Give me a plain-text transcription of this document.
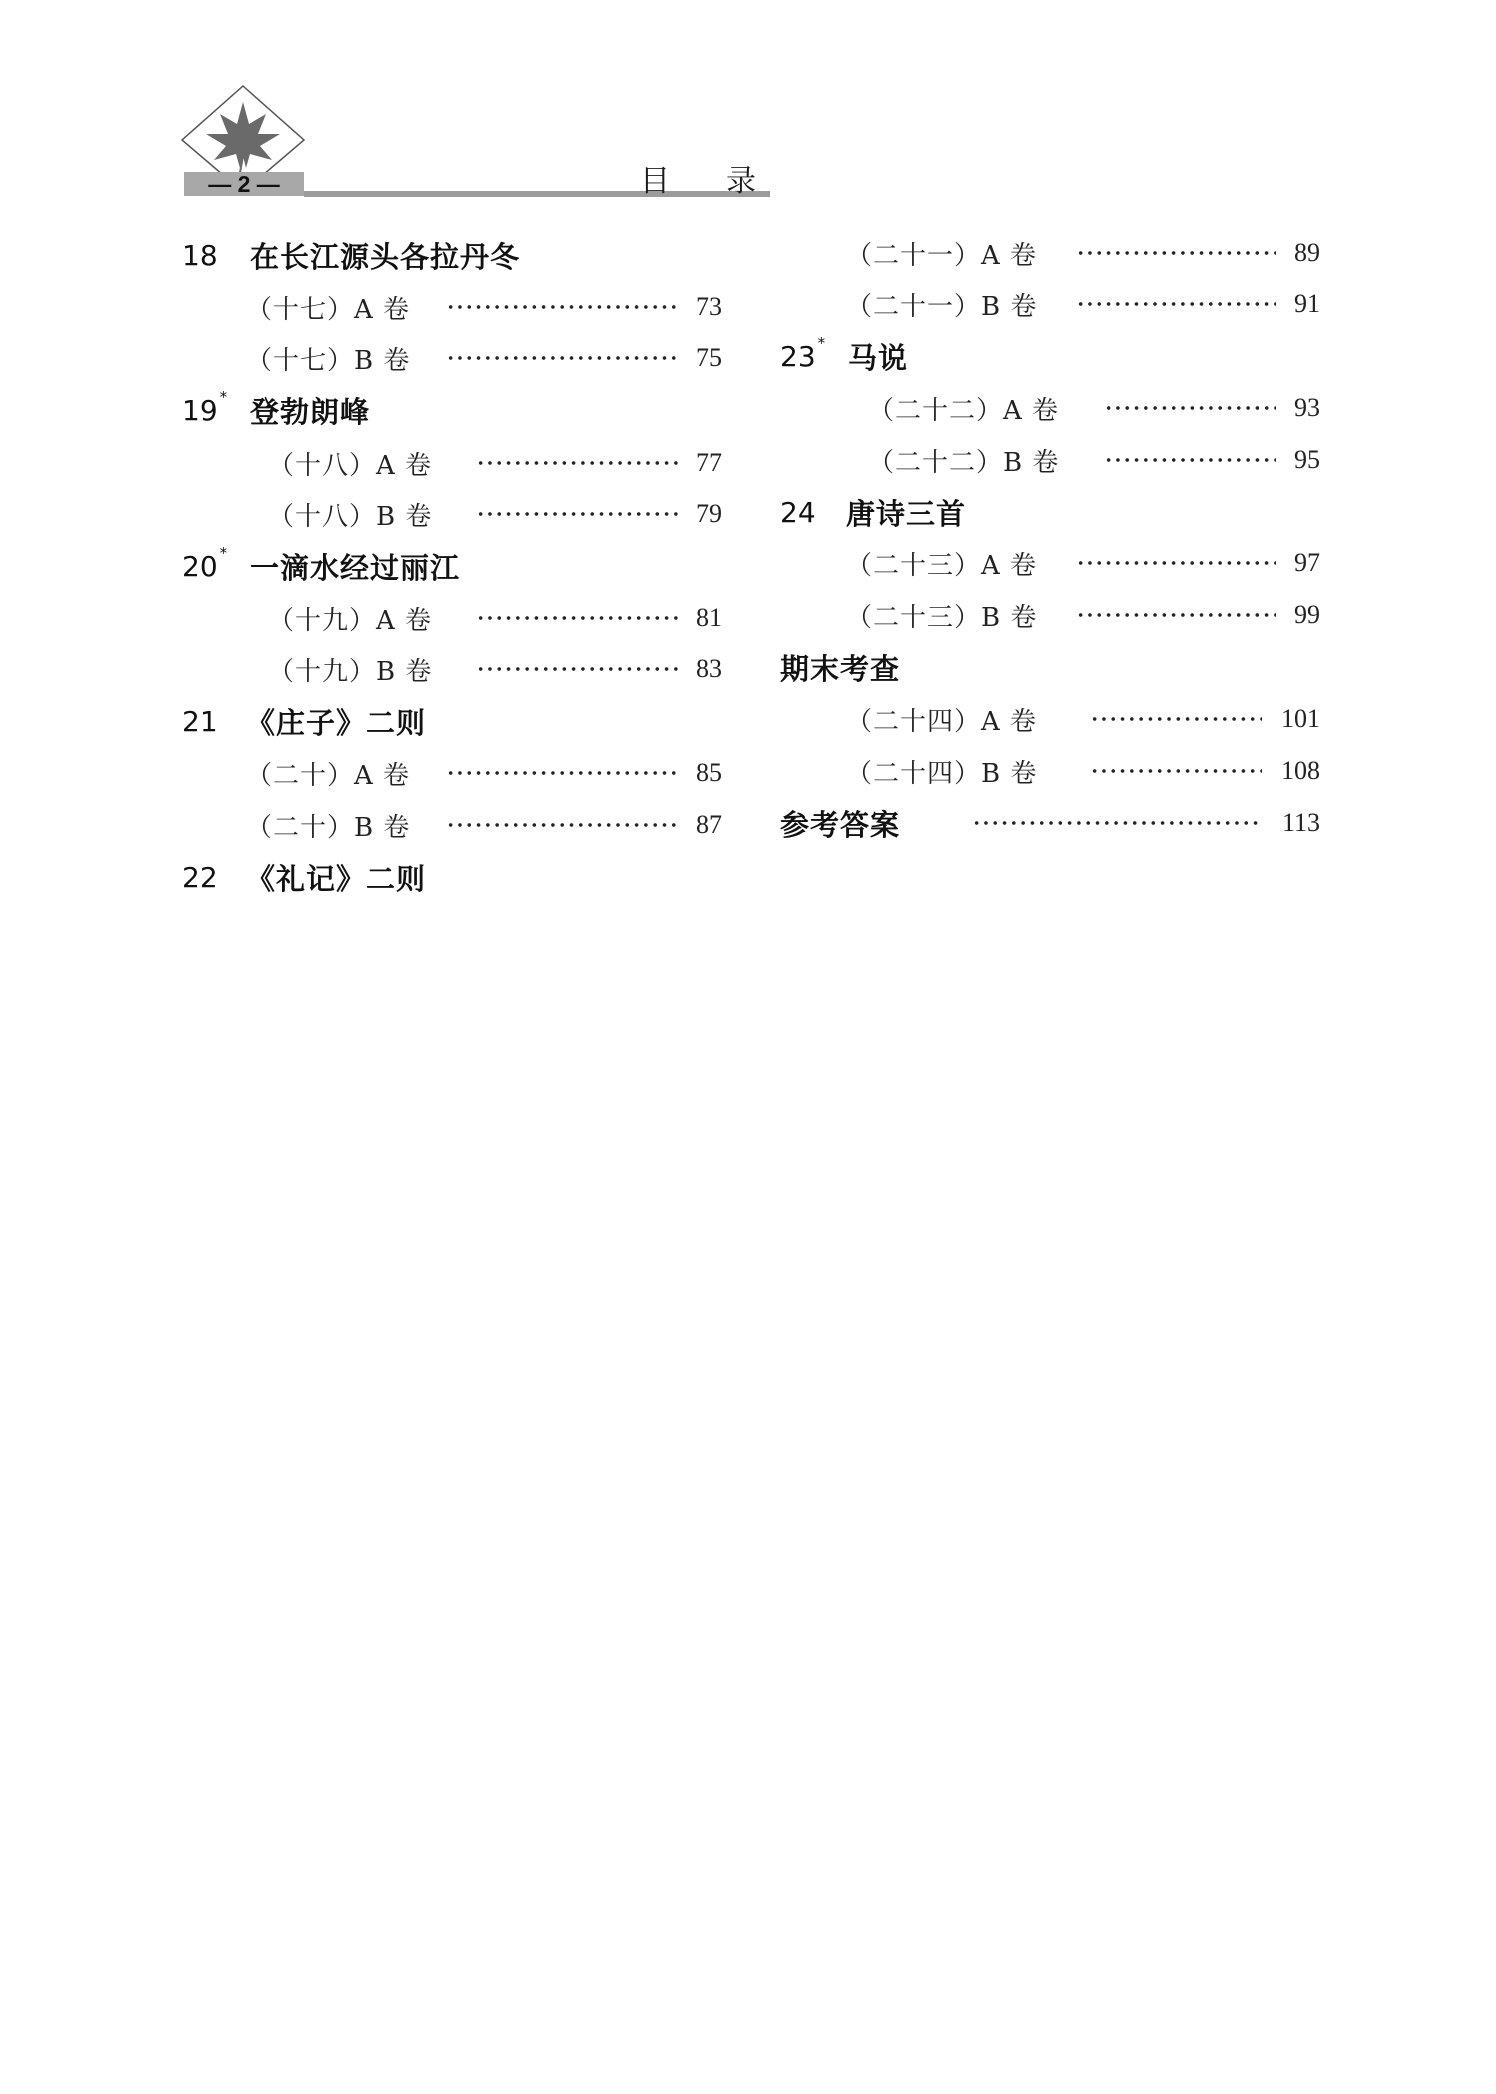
— 2 —	目录
18 在长江源头各拉丹冬
（十七）A 卷	73
（十七）B 卷	75
19 * 登勃朗峰
（十八）A 卷	77
（十八）B 卷	79
20 * 一滴水经过丽江
（十九）A 卷	81
（十九）B 卷	83
21 《庄子》二则
（二十）A 卷	85
（二十）B 卷	87
22 《礼记》二则
（二十一）A 卷	89
（二十一）B 卷	91
23 * 马说
（二十二）A 卷	93
（二十二）B 卷	95
24 唐诗三首
（二十三）A 卷	97
（二十三）B 卷	99
期末考查
（二十四）A 卷	101
（二十四）B 卷	108
参考答案	113
